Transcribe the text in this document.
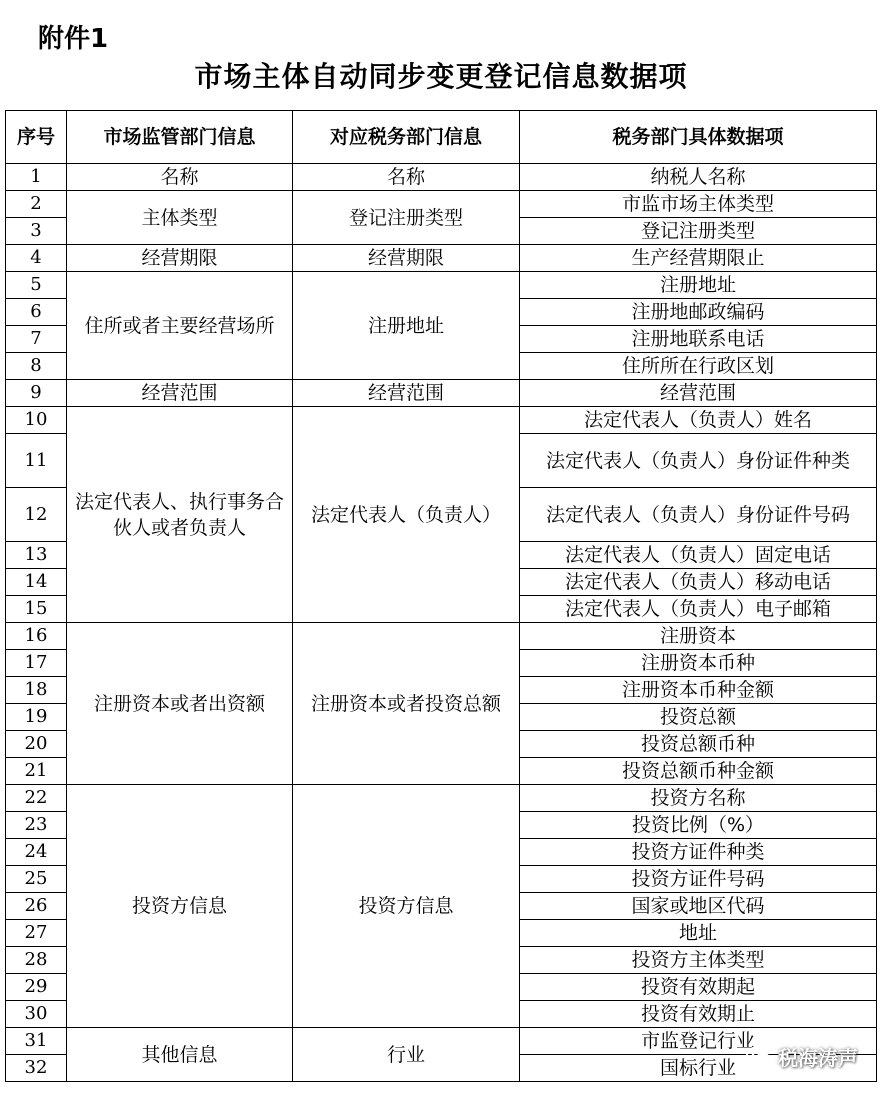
附件1
市场主体自动同步变更登记信息数据项
序号	市场监管部门信息	对应税务部门信息	税务部门具体数据项
1	名称	名称	纳税人名称
2	主体类型	登记注册类型	市监市场主体类型
3			登记注册类型
4	经营期限	经营期限	生产经营期限止
5	住所或者主要经营场所	注册地址	注册地址
6			注册地邮政编码
7			注册地联系电话
8			住所所在行政区划
9	经营范围	经营范围	经营范围
10	法定代表人、执行事务合伙人或者负责人	法定代表人（负责人）	法定代表人（负责人）姓名
11			法定代表人（负责人）身份证件种类
12			法定代表人（负责人）身份证件号码
13			法定代表人（负责人）固定电话
14			法定代表人（负责人）移动电话
15			法定代表人（负责人）电子邮箱
16	注册资本或者出资额	注册资本或者投资总额	注册资本
17			注册资本币种
18			注册资本币种金额
19			投资总额
20			投资总额币种
21			投资总额币种金额
22	投资方信息	投资方信息	投资方名称
23			投资比例（%）
24			投资方证件种类
25			投资方证件号码
26			国家或地区代码
27			地址
28			投资方主体类型
29			投资有效期起
30			投资有效期止
31	其他信息	行业	市监登记行业
32			国标行业 税海涛声
